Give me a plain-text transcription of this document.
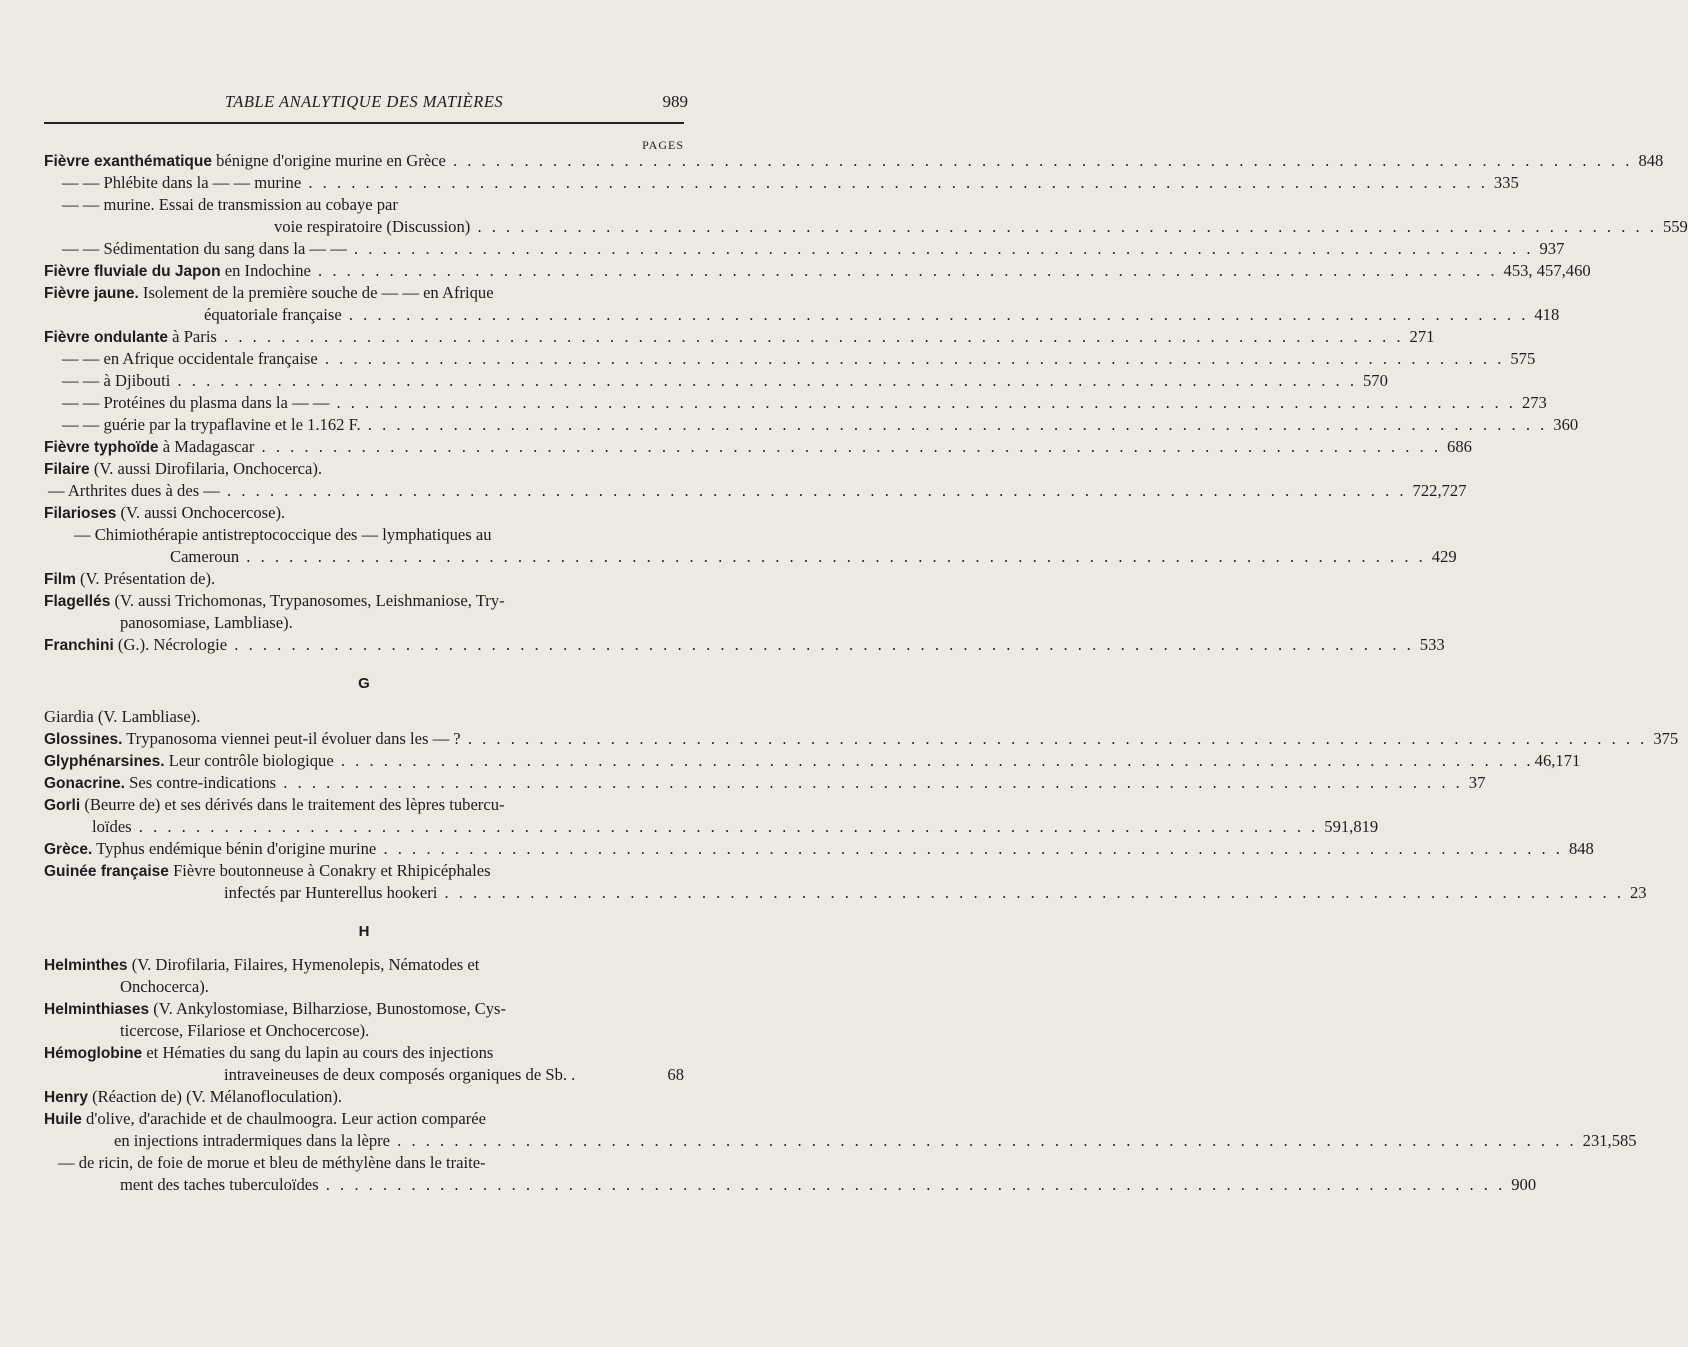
TABLE ANALYTIQUE DES MATIÈRES	989
PAGES
Fièvre exanthématique bénigne d'origine murine en Grèce . . .	848
— — Phlébite dans la — — murine . . .	335
— — murine. Essai de transmission au cobaye par
voie respiratoire (Discussion) . . .	559
— — Sédimentation du sang dans la — — . . .	937
Fièvre fluviale du Japon en Indochine . . .	453, 457, 460
Fièvre jaune. Isolement de la première souche de — — en Afrique
équatoriale française . . .	418
Fièvre ondulante à Paris . . .	271
— — en Afrique occidentale française . . .	575
— — à Djibouti . . .	570
— — Protéines du plasma dans la — — . . .	273
— — guérie par la trypaflavine et le 1.162 F. . . .	360
Fièvre typhoïde à Madagascar . . .	686
Filaire (V. aussi Dirofilaria, Onchocerca).
— Arthrites dues à des — . . .	722, 727
Filarioses (V. aussi Onchocercose).
— Chimiothérapie antistreptococcique des — lymphatiques au
Cameroun . . .	429
Film (V. Présentation de).
Flagellés (V. aussi Trichomonas, Trypanosomes, Leishmaniose, Try-
panosomiase, Lambliase).
Franchini (G.). Nécrologie . . .	533
G
Giardia (V. Lambliase).
Glossines. Trypanosoma viennei peut-il évoluer dans les — ? . . .	375
Glyphénarsines. Leur contrôle biologique . . .	. 46, 171
Gonacrine. Ses contre-indications . . .	37
Gorli (Beurre de) et ses dérivés dans le traitement des lèpres tubercu-
loïdes . . .	591, 819
Grèce. Typhus endémique bénin d'origine murine . . .	848
Guinée française Fièvre boutonneuse à Conakry et Rhipicéphales
infectés par Hunterellus hookeri . . .	23
H
Helminthes (V. Dirofilaria, Filaires, Hymenolepis, Nématodes et
Onchocerca).
Helminthiases (V. Ankylostomiase, Bilharziose, Bunostomose, Cys-
ticercose, Filariose et Onchocercose).
Hémoglobine et Hématies du sang du lapin au cours des injections
intraveineuses de deux composés organiques de Sb. .	68
Henry (Réaction de) (V. Mélanofloculation).
Huile d'olive, d'arachide et de chaulmoogra. Leur action comparée
en injections intradermiques dans la lèpre . . .	231, 585
— de ricin, de foie de morue et bleu de méthylène dans le traite-
ment des taches tuberculoïdes . . .	900
